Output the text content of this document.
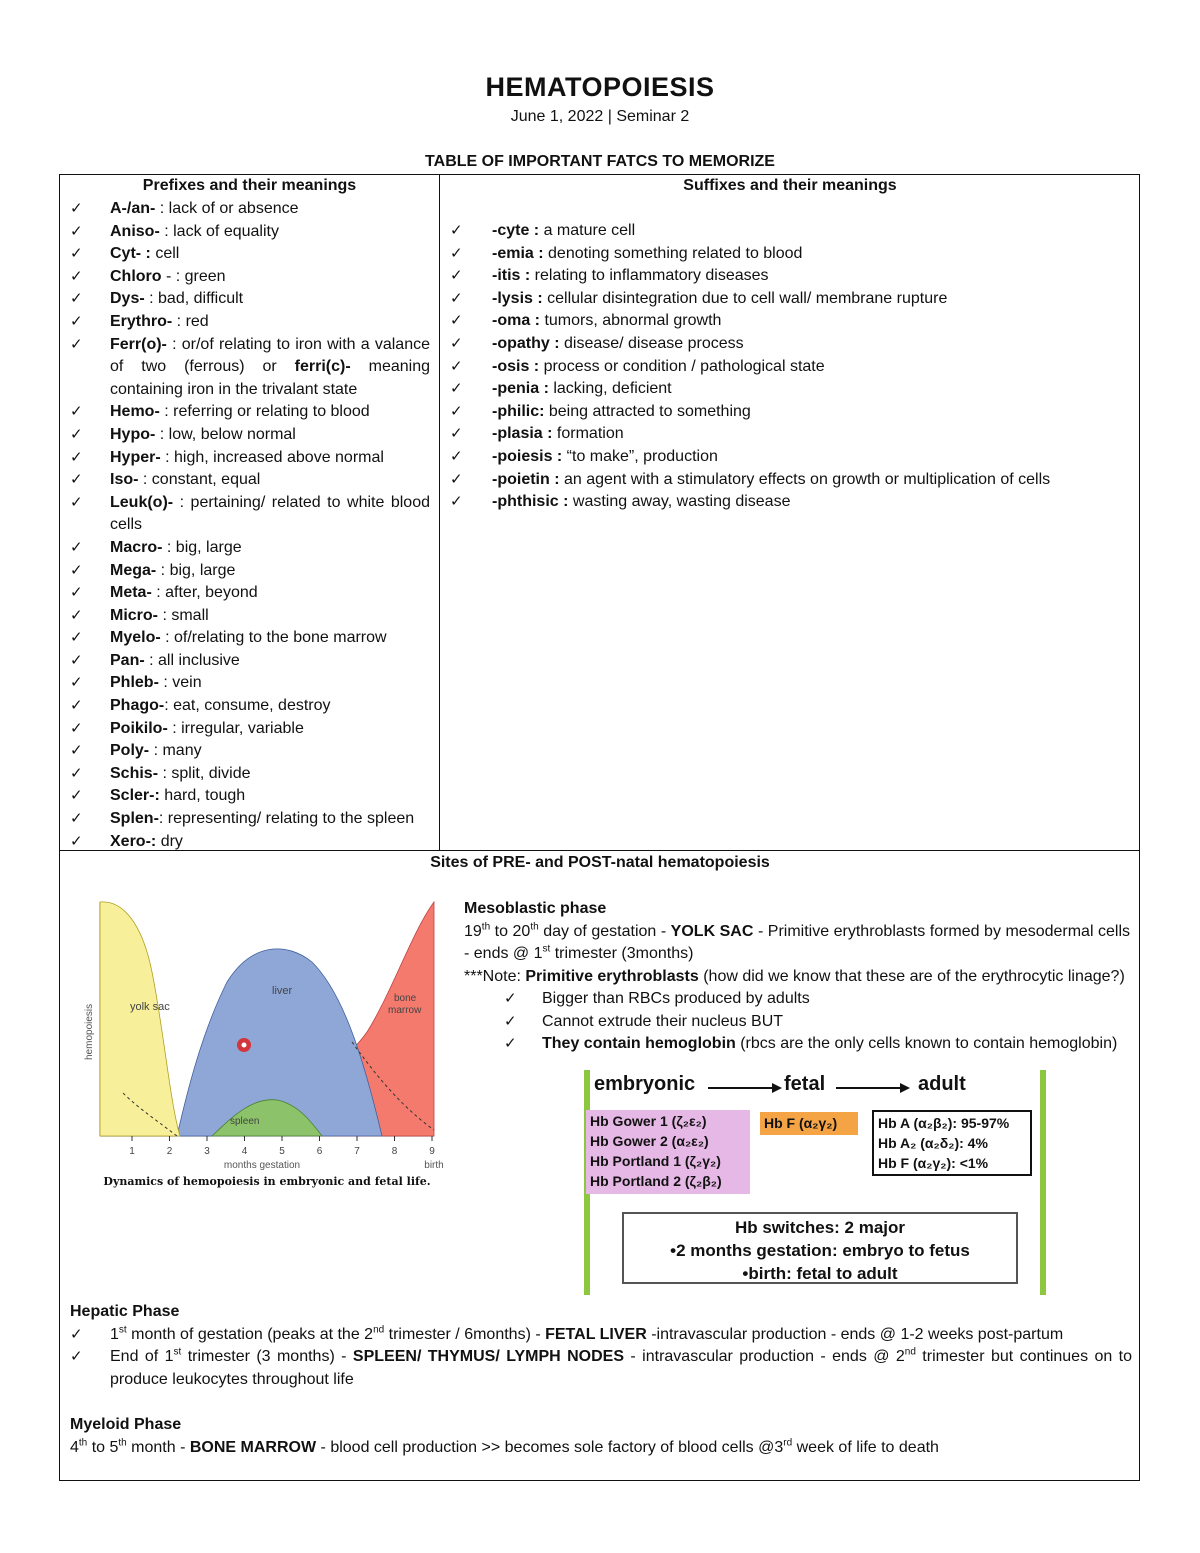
HEMATOPOIESIS
June 1, 2022 | Seminar 2
TABLE OF IMPORTANT FATCS TO MEMORIZE
Prefixes and their meanings
✓ A-/an- : lack of or absence
✓ Aniso- : lack of equality
✓ Cyt- : cell
✓ Chloro - : green
✓ Dys- : bad, difficult
✓ Erythro- : red
✓ Ferr(o)- : or/of relating to iron with a valance of two (ferrous) or ferri(c)- meaning containing iron in the trivalant state
✓ Hemo- : referring or relating to blood
✓ Hypo- : low, below normal
✓ Hyper- : high, increased above normal
✓ Iso- : constant, equal
✓ Leuk(o)- : pertaining/ related to white blood cells
✓ Macro- : big, large
✓ Mega- : big, large
✓ Meta- : after, beyond
✓ Micro- : small
✓ Myelo- : of/relating to the bone marrow
✓ Pan- : all inclusive
✓ Phleb- : vein
✓ Phago-: eat, consume, destroy
✓ Poikilo- : irregular, variable
✓ Poly- : many
✓ Schis- : split, divide
✓ Scler-: hard, tough
✓ Splen-: representing/ relating to the spleen
✓ Xero-: dry
Suffixes and their meanings
✓ -cyte : a mature cell
✓ -emia : denoting something related to blood
✓ -itis : relating to inflammatory diseases
✓ -lysis : cellular disintegration due to cell wall/ membrane rupture
✓ -oma : tumors, abnormal growth
✓ -opathy : disease/ disease process
✓ -osis : process or condition / pathological state
✓ -penia : lacking, deficient
✓ -philic: being attracted to something
✓ -plasia : formation
✓ -poiesis : “to make”, production
✓ -poietin : an agent with a stimulatory effects on growth or multiplication of cells
✓ -phthisic : wasting away, wasting disease
Sites of PRE- and POST-natal hematopoiesis
yolk sac
liver
bone
marrow
spleen
hemopoiesis
1	2	3	4	5	6	7	8	9
months gestation	birth
Dynamics of hemopoiesis in embryonic and fetal life.

Mesoblastic phase

19th to 20th day of gestation - YOLK SAC - Primitive erythroblasts formed by mesodermal cells - ends @ 1st trimester (3months)

***Note: Primitive erythroblasts (how did we know that these are of the erythrocytic linage?)

✓ Bigger than RBCs produced by adults
✓ Cannot extrude their nucleus BUT
✓ They contain hemoglobin (rbcs are the only cells known to contain hemoglobin)
embryonic	fetal	adult
Hb Gower 1 (ζ₂ε₂)
Hb Gower 2 (α₂ε₂)
Hb Portland 1 (ζ₂γ₂)
Hb Portland 2 (ζ₂β₂)
Hb F (α₂γ₂)	Hb A (α₂β₂): 95-97%
Hb A₂ (α₂δ₂): 4%
Hb F (α₂γ₂): <1%
Hb switches: 2 major
•2 months gestation: embryo to fetus
•birth: fetal to adult

Hepatic Phase

✓ 1st month of gestation (peaks at the 2nd trimester / 6months) - FETAL LIVER -intravascular production - ends @ 1-2 weeks post-partum
✓ End of 1st trimester (3 months) - SPLEEN/ THYMUS/ LYMPH NODES - intravascular production - ends @ 2nd trimester but continues on to produce leukocytes throughout life

Myeloid Phase

4th to 5th month - BONE MARROW - blood cell production >> becomes sole factory of blood cells @3rd week of life to death
